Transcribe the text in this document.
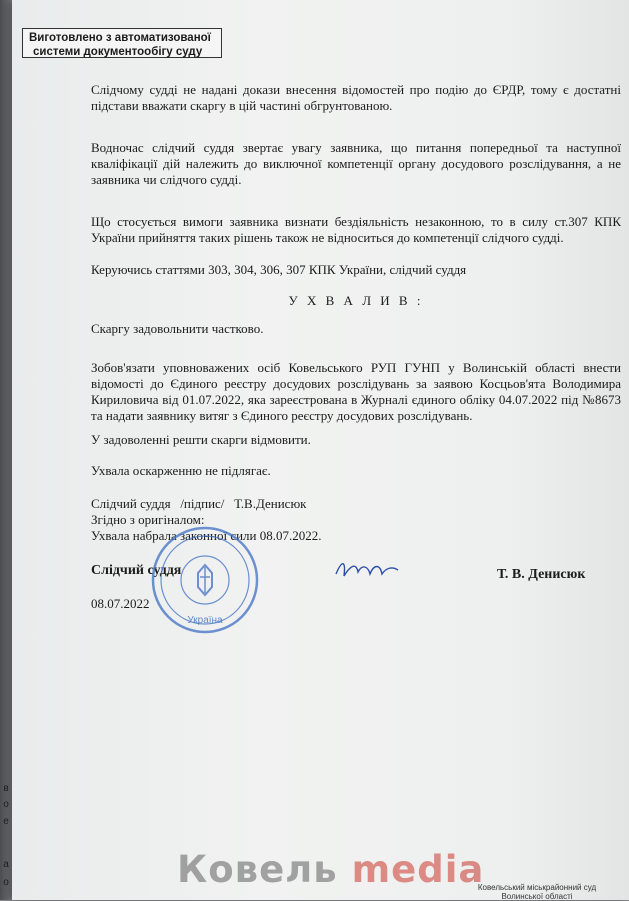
в
о
е
а
о
Виготовлено з автоматизованої
системи документообігу суду
Слідчому судді не надані докази внесення відомостей про подію до ЄРДР, тому є достатні підстави вважати скаргу в цій частині обгрунтованою.
Водночас слідчий суддя звертає увагу заявника, що питання попередньої та наступної кваліфікації дій належить до виключної компетенції органу досудового розслідування, а не заявника чи слідчого судді.
Що стосується вимоги заявника визнати бездіяльність незаконною, то в силу ст.307 КПК України прийняття таких рішень також не відноситься до компетенції слідчого судді.
Керуючись статтями 303, 304, 306, 307 КПК України, слідчий суддя
У Х В А Л И В :
Скаргу задовольнити частково.
Зобов'язати уповноважених осіб Ковельського РУП ГУНП у Волинській області внести відомості до Єдиного реєстру досудових розслідувань за заявою Косцьов'ята Володимира Кириловича від 01.07.2022, яка зареєстрована в Журналі єдиного обліку 04.07.2022 під №8673 та надати заявнику витяг з Єдиного реєстру досудових розслідувань.
У задоволенні решти скарги відмовити.
Ухвала оскарженню не підлягає.
Слідчий суддя   /підпис/   Т.В.Денисюк
Згідно з оригіналом:
Ухвала набрала законної сили 08.07.2022.
Слідчий суддя	Т. В. Денисюк
08.07.2022
Україна
Ковель media
Ковельський міськрайонний суд
Волинської області
